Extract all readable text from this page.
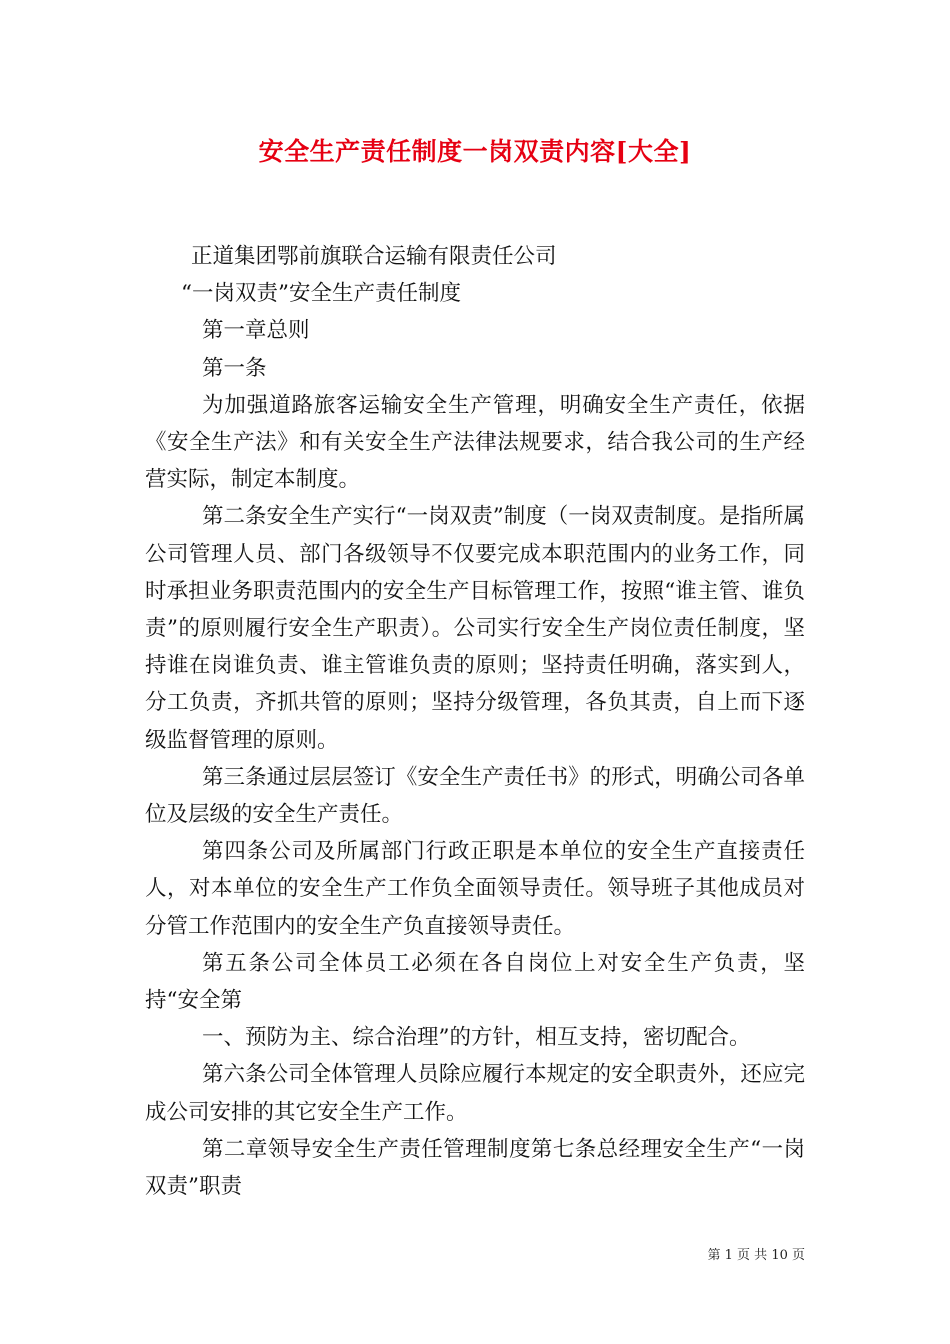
安全生产责任制度一岗双责内容[大全]

正道集团鄂前旗联合运输有限责任公司

“一岗双责”安全生产责任制度

第一章总则

第一条

为加强道路旅客运输安全生产管理，明确安全生产责任，依据《安全生产法》和有关安全生产法律法规要求，结合我公司的生产经营实际，制定本制度。

第二条安全生产实行“一岗双责”制度（一岗双责制度。是指所属公司管理人员、部门各级领导不仅要完成本职范围内的业务工作，同时承担业务职责范围内的安全生产目标管理工作，按照“谁主管、谁负责”的原则履行安全生产职责）。公司实行安全生产岗位责任制度，坚持谁在岗谁负责、谁主管谁负责的原则；坚持责任明确，落实到人，分工负责，齐抓共管的原则；坚持分级管理，各负其责，自上而下逐级监督管理的原则。

第三条通过层层签订《安全生产责任书》的形式，明确公司各单位及层级的安全生产责任。

第四条公司及所属部门行政正职是本单位的安全生产直接责任人，对本单位的安全生产工作负全面领导责任。领导班子其他成员对分管工作范围内的安全生产负直接领导责任。

第五条公司全体员工必须在各自岗位上对安全生产负责，坚持“安全第

一、预防为主、综合治理”的方针，相互支持，密切配合。

第六条公司全体管理人员除应履行本规定的安全职责外，还应完成公司安排的其它安全生产工作。

第二章领导安全生产责任管理制度第七条总经理安全生产“一岗双责”职责

第 1 页 共 10 页
